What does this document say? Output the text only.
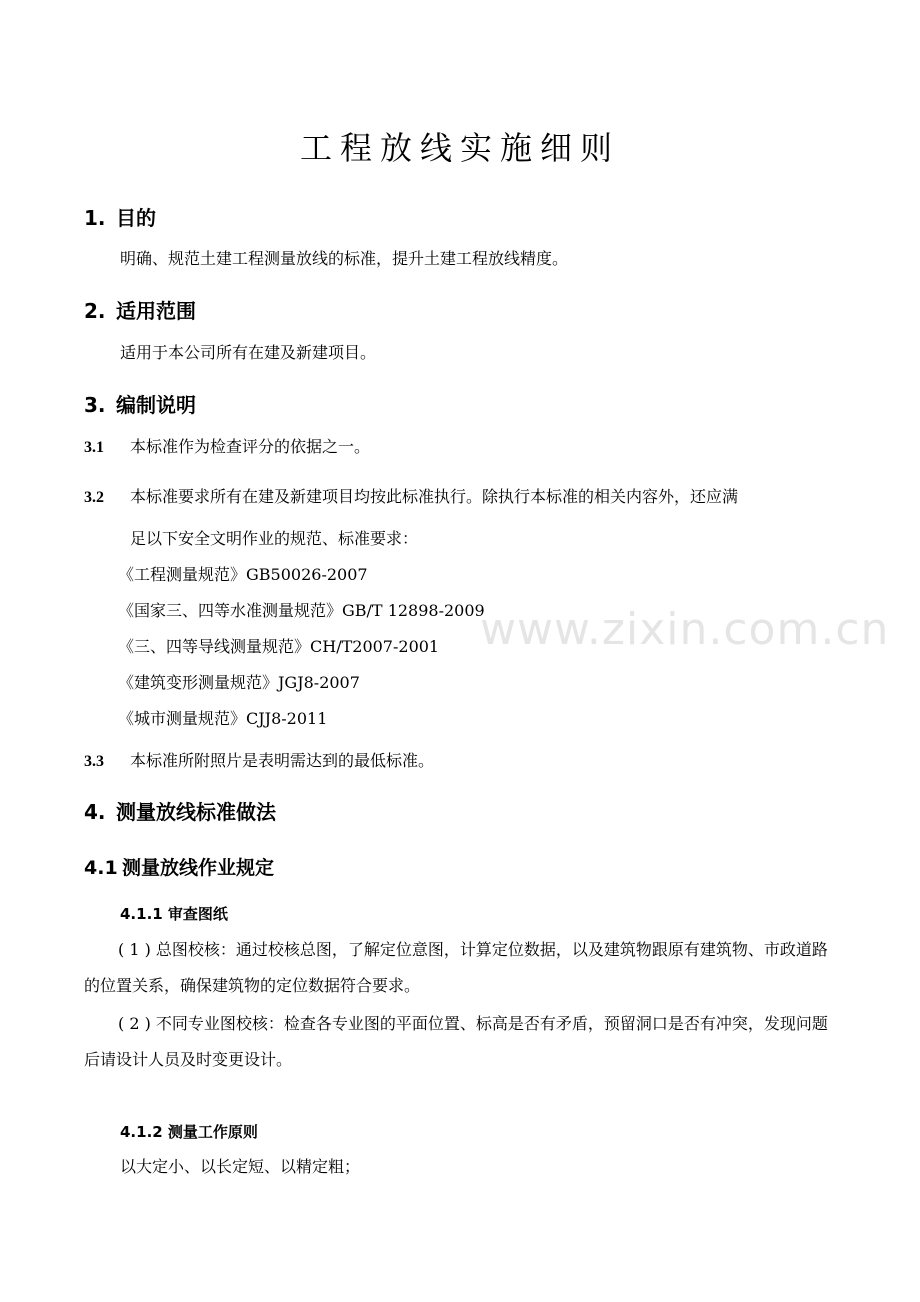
工程放线实施细则
1. 目的
明确、规范土建工程测量放线的标准，提升土建工程放线精度。
2. 适用范围
适用于本公司所有在建及新建项目。
3. 编制说明
3.1 本标准作为检查评分的依据之一。
3.2 本标准要求所有在建及新建项目均按此标准执行。除执行本标准的相关内容外，还应满
足以下安全文明作业的规范、标准要求：
《工程测量规范》GB50026-2007
《国家三、四等水准测量规范》GB/T 12898-2009
《三、四等导线测量规范》CH/T2007-2001
《建筑变形测量规范》JGJ8-2007
《城市测量规范》CJJ8-2011
3.3 本标准所附照片是表明需达到的最低标准。
4. 测量放线标准做法
4.1 测量放线作业规定
4.1.1 审查图纸
( 1 ) 总图校核：通过校核总图，了解定位意图，计算定位数据，以及建筑物跟原有建筑物、市政道路的位置关系，确保建筑物的定位数据符合要求。
( 2 ) 不同专业图校核：检查各专业图的平面位置、标高是否有矛盾，预留洞口是否有冲突，发现问题后请设计人员及时变更设计。
4.1.2 测量工作原则
以大定小、以长定短、以精定粗；
www.zixin.com.cn
